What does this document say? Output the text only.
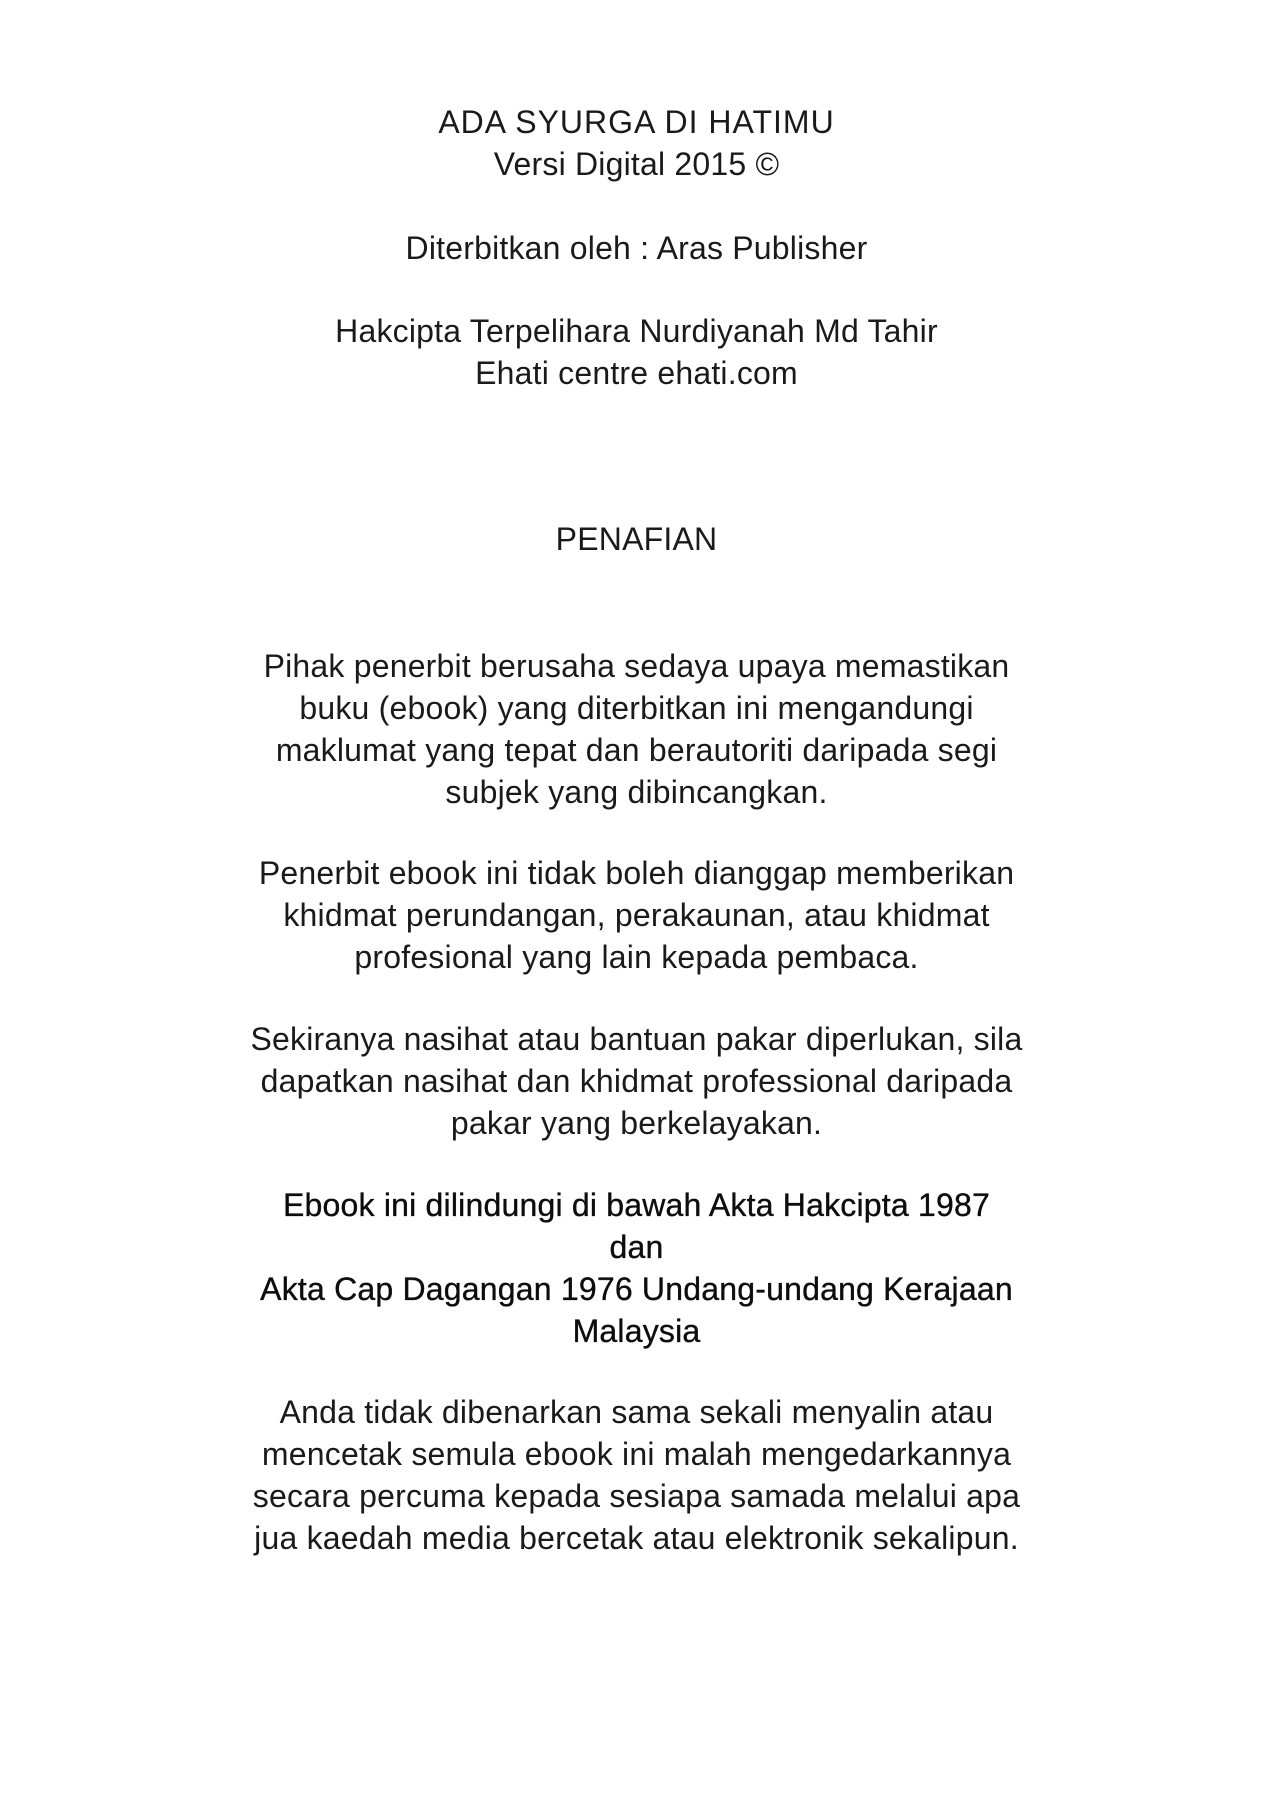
ADA SYURGA DI HATIMU
Versi Digital 2015 ©
Diterbitkan oleh : Aras Publisher
Hakcipta Terpelihara Nurdiyanah Md Tahir
Ehati centre ehati.com
PENAFIAN
Pihak penerbit berusaha sedaya upaya memastikan
buku (ebook) yang diterbitkan ini mengandungi
maklumat yang tepat dan berautoriti daripada segi
subjek yang dibincangkan.
Penerbit ebook ini tidak boleh dianggap memberikan
khidmat perundangan, perakaunan, atau khidmat
profesional yang lain kepada pembaca.
Sekiranya nasihat atau bantuan pakar diperlukan, sila
dapatkan nasihat dan khidmat professional daripada
pakar yang berkelayakan.
Ebook ini dilindungi di bawah Akta Hakcipta 1987
dan
Akta Cap Dagangan 1976 Undang-undang Kerajaan
Malaysia
Anda tidak dibenarkan sama sekali menyalin atau
mencetak semula ebook ini malah mengedarkannya
secara percuma kepada sesiapa samada melalui apa
jua kaedah media bercetak atau elektronik sekalipun.
